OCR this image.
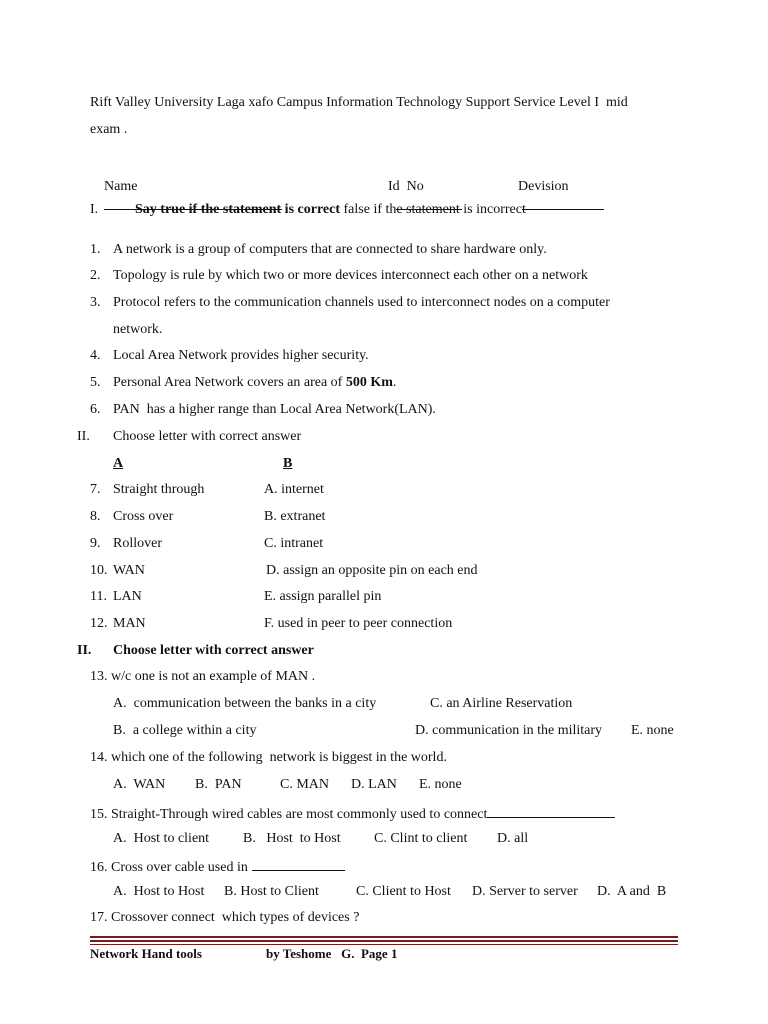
Rift Valley University Laga xafo Campus Information Technology Support Service Level I  mid
exam .

Name

	Id  No

	Devision

I.	Say true if the statement is correct false if the statement is incorrect
1. A network is a group of computers that are connected to share hardware only.
2. Topology is rule by which two or more devices interconnect each other on a network
3. Protocol refers to the communication channels used to interconnect nodes on a computer
network.
4. Local Area Network provides higher security.
5. Personal Area Network covers an area of 500 Km.
6. PAN  has a higher range than Local Area Network(LAN).
II. Choose letter with correct answer
A	B
7. Straight through	A. internet
8. Cross over	B. extranet
9. Rollover	C. intranet
10. WAN	D. assign an opposite pin on each end
11. LAN	E. assign parallel pin
12. MAN	F. used in peer to peer connection
II. Choose letter with correct answer
13. w/c one is not an example of MAN .
A.  communication between the banks in a city	C. an Airline Reservation
B.  a college within a city	D. communication in the military E. none
14. which one of the following  network is biggest in the world.
A.  WAN B.  PAN	C. MAN D. LAN E. none
15. Straight-Through wired cables are most commonly used to connect
A.  Host to client B.   Host  to Host C. Clint to client D. all
16. Cross over cable used in
A.  Host to Host B. Host to Client	C. Client to Host D. Server to server D.  A and  B
17. Crossover connect  which types of devices ?
Network Hand tools	by Teshome   G.  Page 1
